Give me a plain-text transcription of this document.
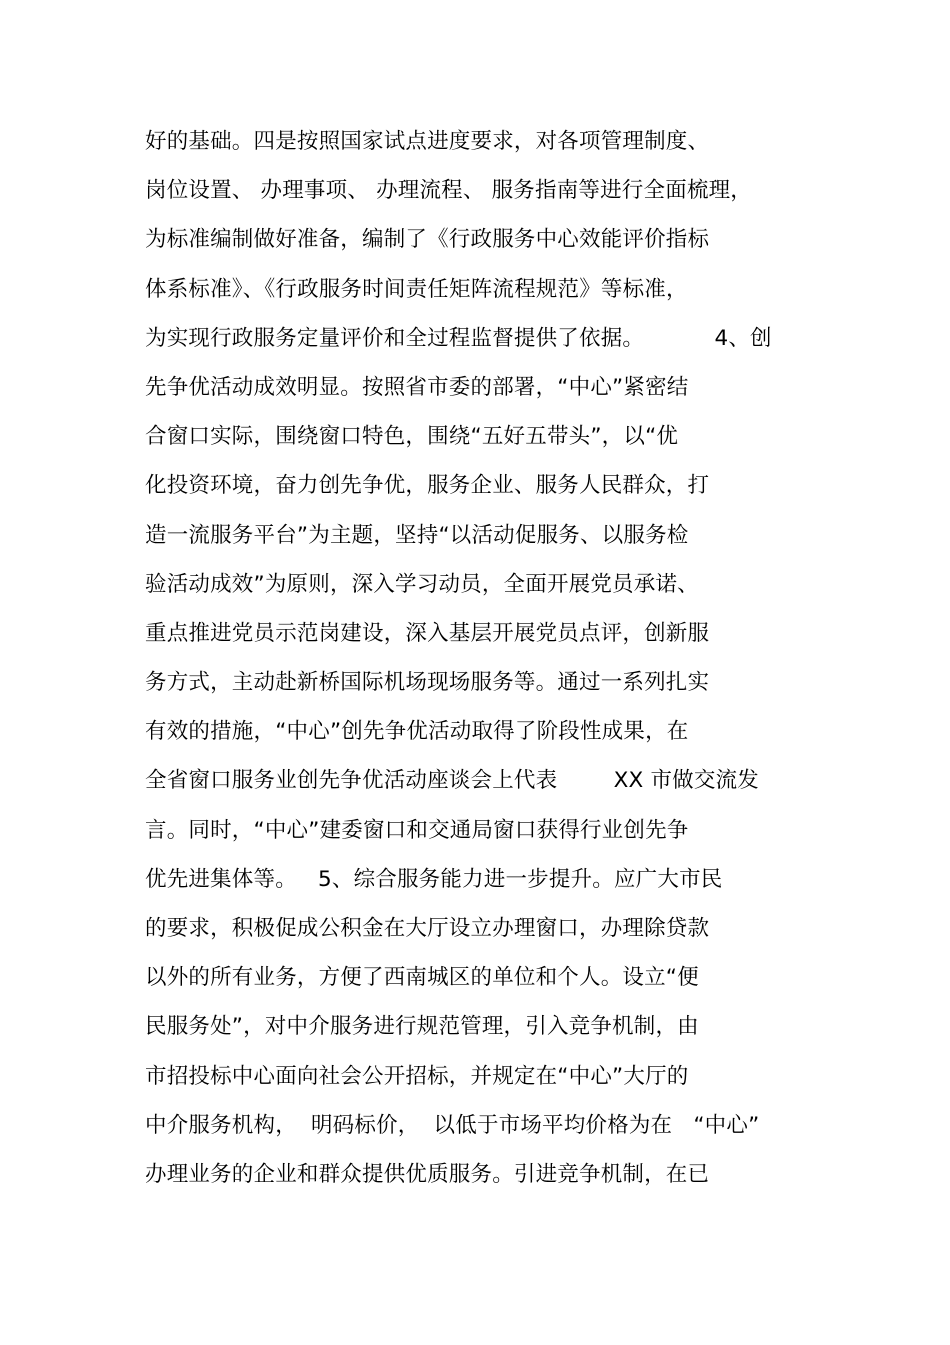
好的基础。四是按照国家试点进度要求，对各项管理制度、
岗位设置、 办理事项、 办理流程、 服务指南等进行全面梳理，
为标准编制做好准备，编制了《行政服务中心效能评价指标
体系标准》、《行政服务时间责任矩阵流程规范》等标准，
为实现行政服务定量评价和全过程监督提供了依据。          4、创
先争优活动成效明显。按照省市委的部署，“中心”紧密结
合窗口实际，围绕窗口特色，围绕“五好五带头”，以“优
化投资环境，奋力创先争优，服务企业、服务人民群众，打
造一流服务平台”为主题，坚持“以活动促服务、以服务检
验活动成效”为原则，深入学习动员，全面开展党员承诺、
重点推进党员示范岗建设，深入基层开展党员点评，创新服
务方式，主动赴新桥国际机场现场服务等。通过一系列扎实
有效的措施，“中心”创先争优活动取得了阶段性成果，在
全省窗口服务业创先争优活动座谈会上代表        XX 市做交流发
言。同时，“中心”建委窗口和交通局窗口获得行业创先争
优先进集体等。   5、综合服务能力进一步提升。应广大市民
的要求，积极促成公积金在大厅设立办理窗口，办理除贷款
以外的所有业务，方便了西南城区的单位和个人。设立“便
民服务处”，对中介服务进行规范管理，引入竞争机制，由
市招投标中心面向社会公开招标，并规定在“中心”大厅的
中介服务机构，  明码标价，  以低于市场平均价格为在   “中心”
办理业务的企业和群众提供优质服务。引进竞争机制，在已
